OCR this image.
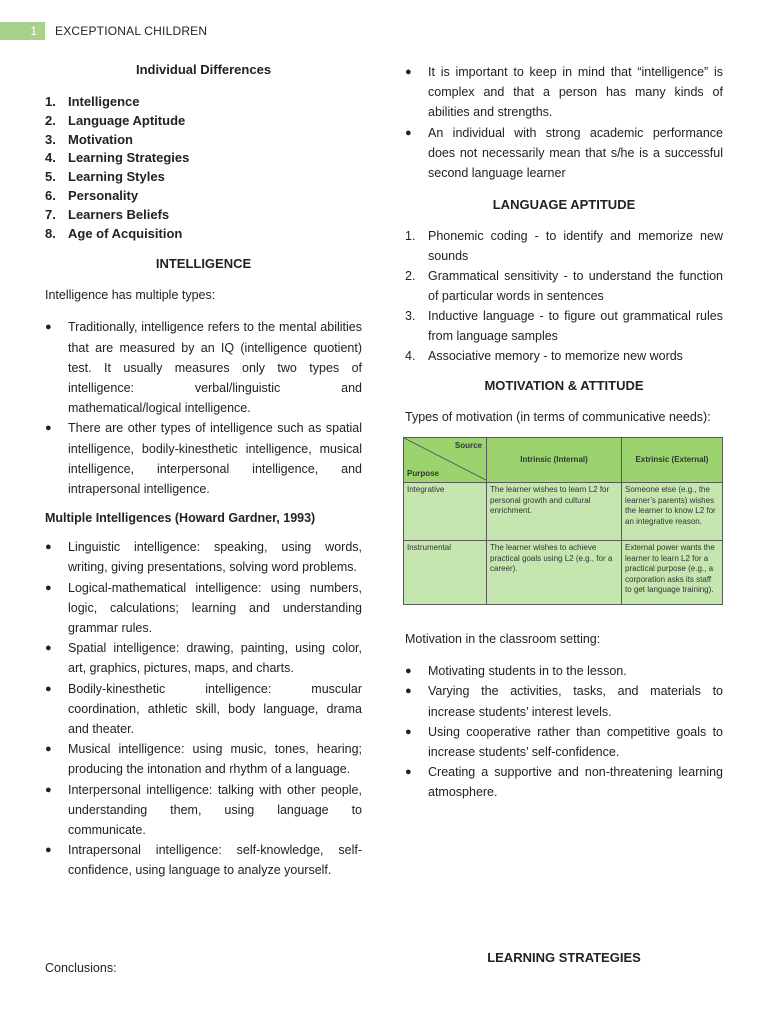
1	EXCEPTIONAL CHILDREN

Individual Differences

1. Intelligence
2. Language Aptitude
3. Motivation
4. Learning Strategies
5. Learning Styles
6. Personality
7. Learners Beliefs
8. Age of Acquisition

INTELLIGENCE

Intelligence has multiple types:

●	Traditionally, intelligence refers to the mental abilities that are measured by an IQ (intelligence quotient) test. It usually measures only two types of intelligence: verbal/linguistic and mathematical/logical intelligence.
●	There are other types of intelligence such as spatial intelligence, bodily-kinesthetic intelligence, musical intelligence, interpersonal intelligence, and intrapersonal intelligence.

Multiple Intelligences (Howard Gardner, 1993)

●	Linguistic intelligence: speaking, using words, writing, giving presentations, solving word problems.
●	Logical-mathematical intelligence: using numbers, logic, calculations; learning and understanding grammar rules.
●	Spatial intelligence: drawing, painting, using color, art, graphics, pictures, maps, and charts.
●	Bodily-kinesthetic intelligence: muscular coordination, athletic skill, body language, drama and theater.
●	Musical intelligence: using music, tones, hearing; producing the intonation and rhythm of a language.
●	Interpersonal intelligence: talking with other people, understanding them, using language to communicate.
●	Intrapersonal intelligence: self-knowledge, self-confidence, using language to analyze yourself.

Conclusions:

●	It is important to keep in mind that “intelligence” is complex and that a person has many kinds of abilities and strengths.
●	An individual with strong academic performance does not necessarily mean that s/he is a successful second language learner

LANGUAGE APTITUDE

1.	Phonemic coding - to identify and memorize new sounds
2.	Grammatical sensitivity - to understand the function of particular words in sentences
3.	Inductive language - to figure out grammatical rules from language samples
4.	Associative memory - to memorize new words

MOTIVATION & ATTITUDE

Types of motivation (in terms of communicative needs):

Source
Purpose	Intrinsic (Internal)	Extrinsic (External)
Integrative	The learner wishes to learn L2 for personal growth and cultural enrichment.	Someone else (e.g., the learner’s parents) wishes the learner to know L2 for an integrative reason.
Instrumental	The learner wishes to achieve practical goals using L2 (e.g., for a career).	External power wants the learner to learn L2 for a practical purpose (e.g., a corporation asks its staff to get language training).

Motivation in the classroom setting:

●	Motivating students in to the lesson.
●	Varying the activities, tasks, and materials to increase students’ interest levels.
●	Using cooperative rather than competitive goals to increase students’ self-confidence.
●	Creating a supportive and non-threatening learning atmosphere.

LEARNING STRATEGIES
